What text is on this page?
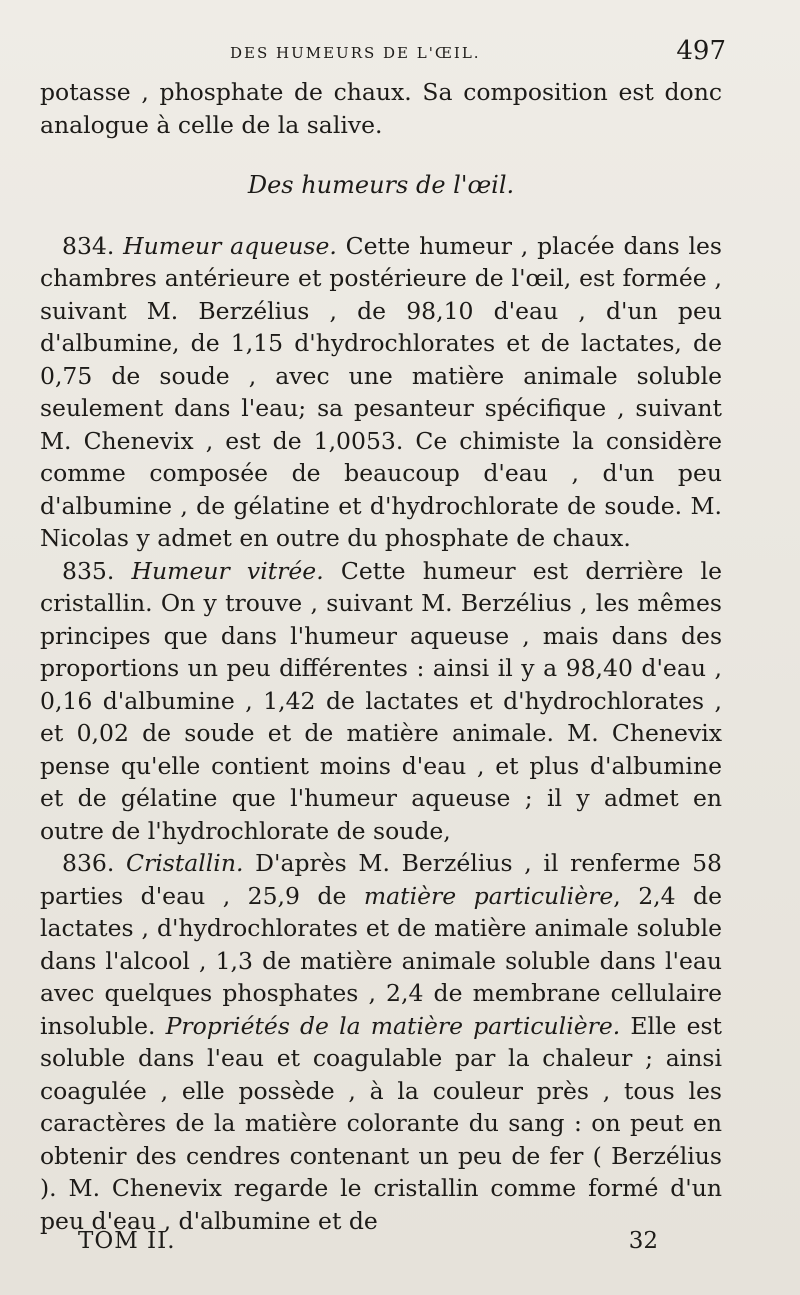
DES HUMEURS DE L'ŒIL.	497

potasse , phosphate de chaux. Sa composition est donc analogue à celle de la salive.

Des humeurs de l'œil.

834. Humeur aqueuse. Cette humeur , placée dans les chambres antérieure et postérieure de l'œil, est formée , suivant M. Berzélius , de 98,10 d'eau , d'un peu d'albumine, de 1,15 d'hydrochlorates et de lactates, de 0,75 de soude , avec une matière animale soluble seulement dans l'eau; sa pesanteur spécifique , suivant M. Chenevix , est de 1,0053. Ce chimiste la considère comme composée de beaucoup d'eau , d'un peu d'albumine , de gélatine et d'hydrochlorate de soude. M. Nicolas y admet en outre du phosphate de chaux.

835. Humeur vitrée. Cette humeur est derrière le cristallin. On y trouve , suivant M. Berzélius , les mêmes principes que dans l'humeur aqueuse , mais dans des proportions un peu différentes : ainsi il y a 98,40 d'eau , 0,16 d'albumine , 1,42 de lactates et d'hydrochlorates , et 0,02 de soude et de matière animale. M. Chenevix pense qu'elle contient moins d'eau , et plus d'albumine et de gélatine que l'humeur aqueuse ; il y admet en outre de l'hydrochlorate de soude,

836. Cristallin. D'après M. Berzélius , il renferme 58 parties d'eau , 25,9 de matière particulière, 2,4 de lactates , d'hydrochlorates et de matière animale soluble dans l'alcool , 1,3 de matière animale soluble dans l'eau avec quelques phosphates , 2,4 de membrane cellulaire insoluble. Propriétés de la matière particulière. Elle est soluble dans l'eau et coagulable par la chaleur ; ainsi coagulée , elle possède , à la couleur près , tous les caractères de la matière colorante du sang : on peut en obtenir des cendres contenant un peu de fer ( Berzélius ). M. Chenevix regarde le cristallin comme formé d'un peu d'eau , d'albumine et de

TOM II.	32
